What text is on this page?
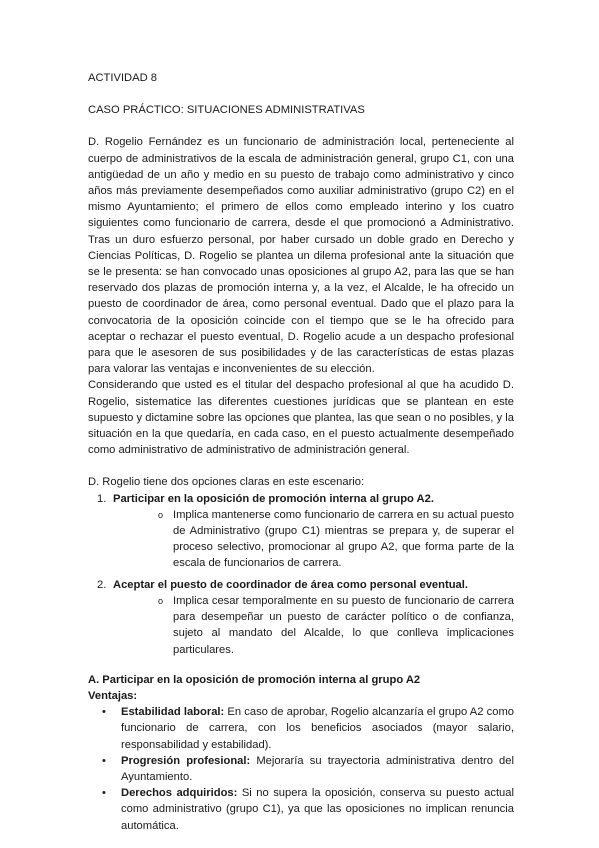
ACTIVIDAD 8

CASO PRÁCTICO: SITUACIONES ADMINISTRATIVAS

D. Rogelio Fernández es un funcionario de administración local, perteneciente al cuerpo de administrativos de la escala de administración general, grupo C1, con una antigüedad de un año y medio en su puesto de trabajo como administrativo y cinco años más previamente desempeñados como auxiliar administrativo (grupo C2) en el mismo Ayuntamiento; el primero de ellos como empleado interino y los cuatro siguientes como funcionario de carrera, desde el que promocionó a Administrativo. Tras un duro esfuerzo personal, por haber cursado un doble grado en Derecho y Ciencias Políticas, D. Rogelio se plantea un dilema profesional ante la situación que se le presenta: se han convocado unas oposiciones al grupo A2, para las que se han reservado dos plazas de promoción interna y, a la vez, el Alcalde, le ha ofrecido un puesto de coordinador de área, como personal eventual. Dado que el plazo para la convocatoria de la oposición coincide con el tiempo que se le ha ofrecido para aceptar o rechazar el puesto eventual, D. Rogelio acude a un despacho profesional para que le asesoren de sus posibilidades y de las características de estas plazas para valorar las ventajas e inconvenientes de su elección.

Considerando que usted es el titular del despacho profesional al que ha acudido D. Rogelio, sistematice las diferentes cuestiones jurídicas que se plantean en este supuesto y dictamine sobre las opciones que plantea, las que sean o no posibles, y la situación en la que quedaría, en cada caso, en el puesto actualmente desempeñado como administrativo de administrativo de administración general.

D. Rogelio tiene dos opciones claras en este escenario:

1. Participar en la oposición de promoción interna al grupo A2.
o Implica mantenerse como funcionario de carrera en su actual puesto de Administrativo (grupo C1) mientras se prepara y, de superar el proceso selectivo, promocionar al grupo A2, que forma parte de la escala de funcionarios de carrera.
2. Aceptar el puesto de coordinador de área como personal eventual.
o Implica cesar temporalmente en su puesto de funcionario de carrera para desempeñar un puesto de carácter político o de confianza, sujeto al mandato del Alcalde, lo que conlleva implicaciones particulares.

A. Participar en la oposición de promoción interna al grupo A2

Ventajas:

• Estabilidad laboral: En caso de aprobar, Rogelio alcanzaría el grupo A2 como funcionario de carrera, con los beneficios asociados (mayor salario, responsabilidad y estabilidad).
• Progresión profesional: Mejoraría su trayectoria administrativa dentro del Ayuntamiento.
• Derechos adquiridos: Si no supera la oposición, conserva su puesto actual como administrativo (grupo C1), ya que las oposiciones no implican renuncia automática.
